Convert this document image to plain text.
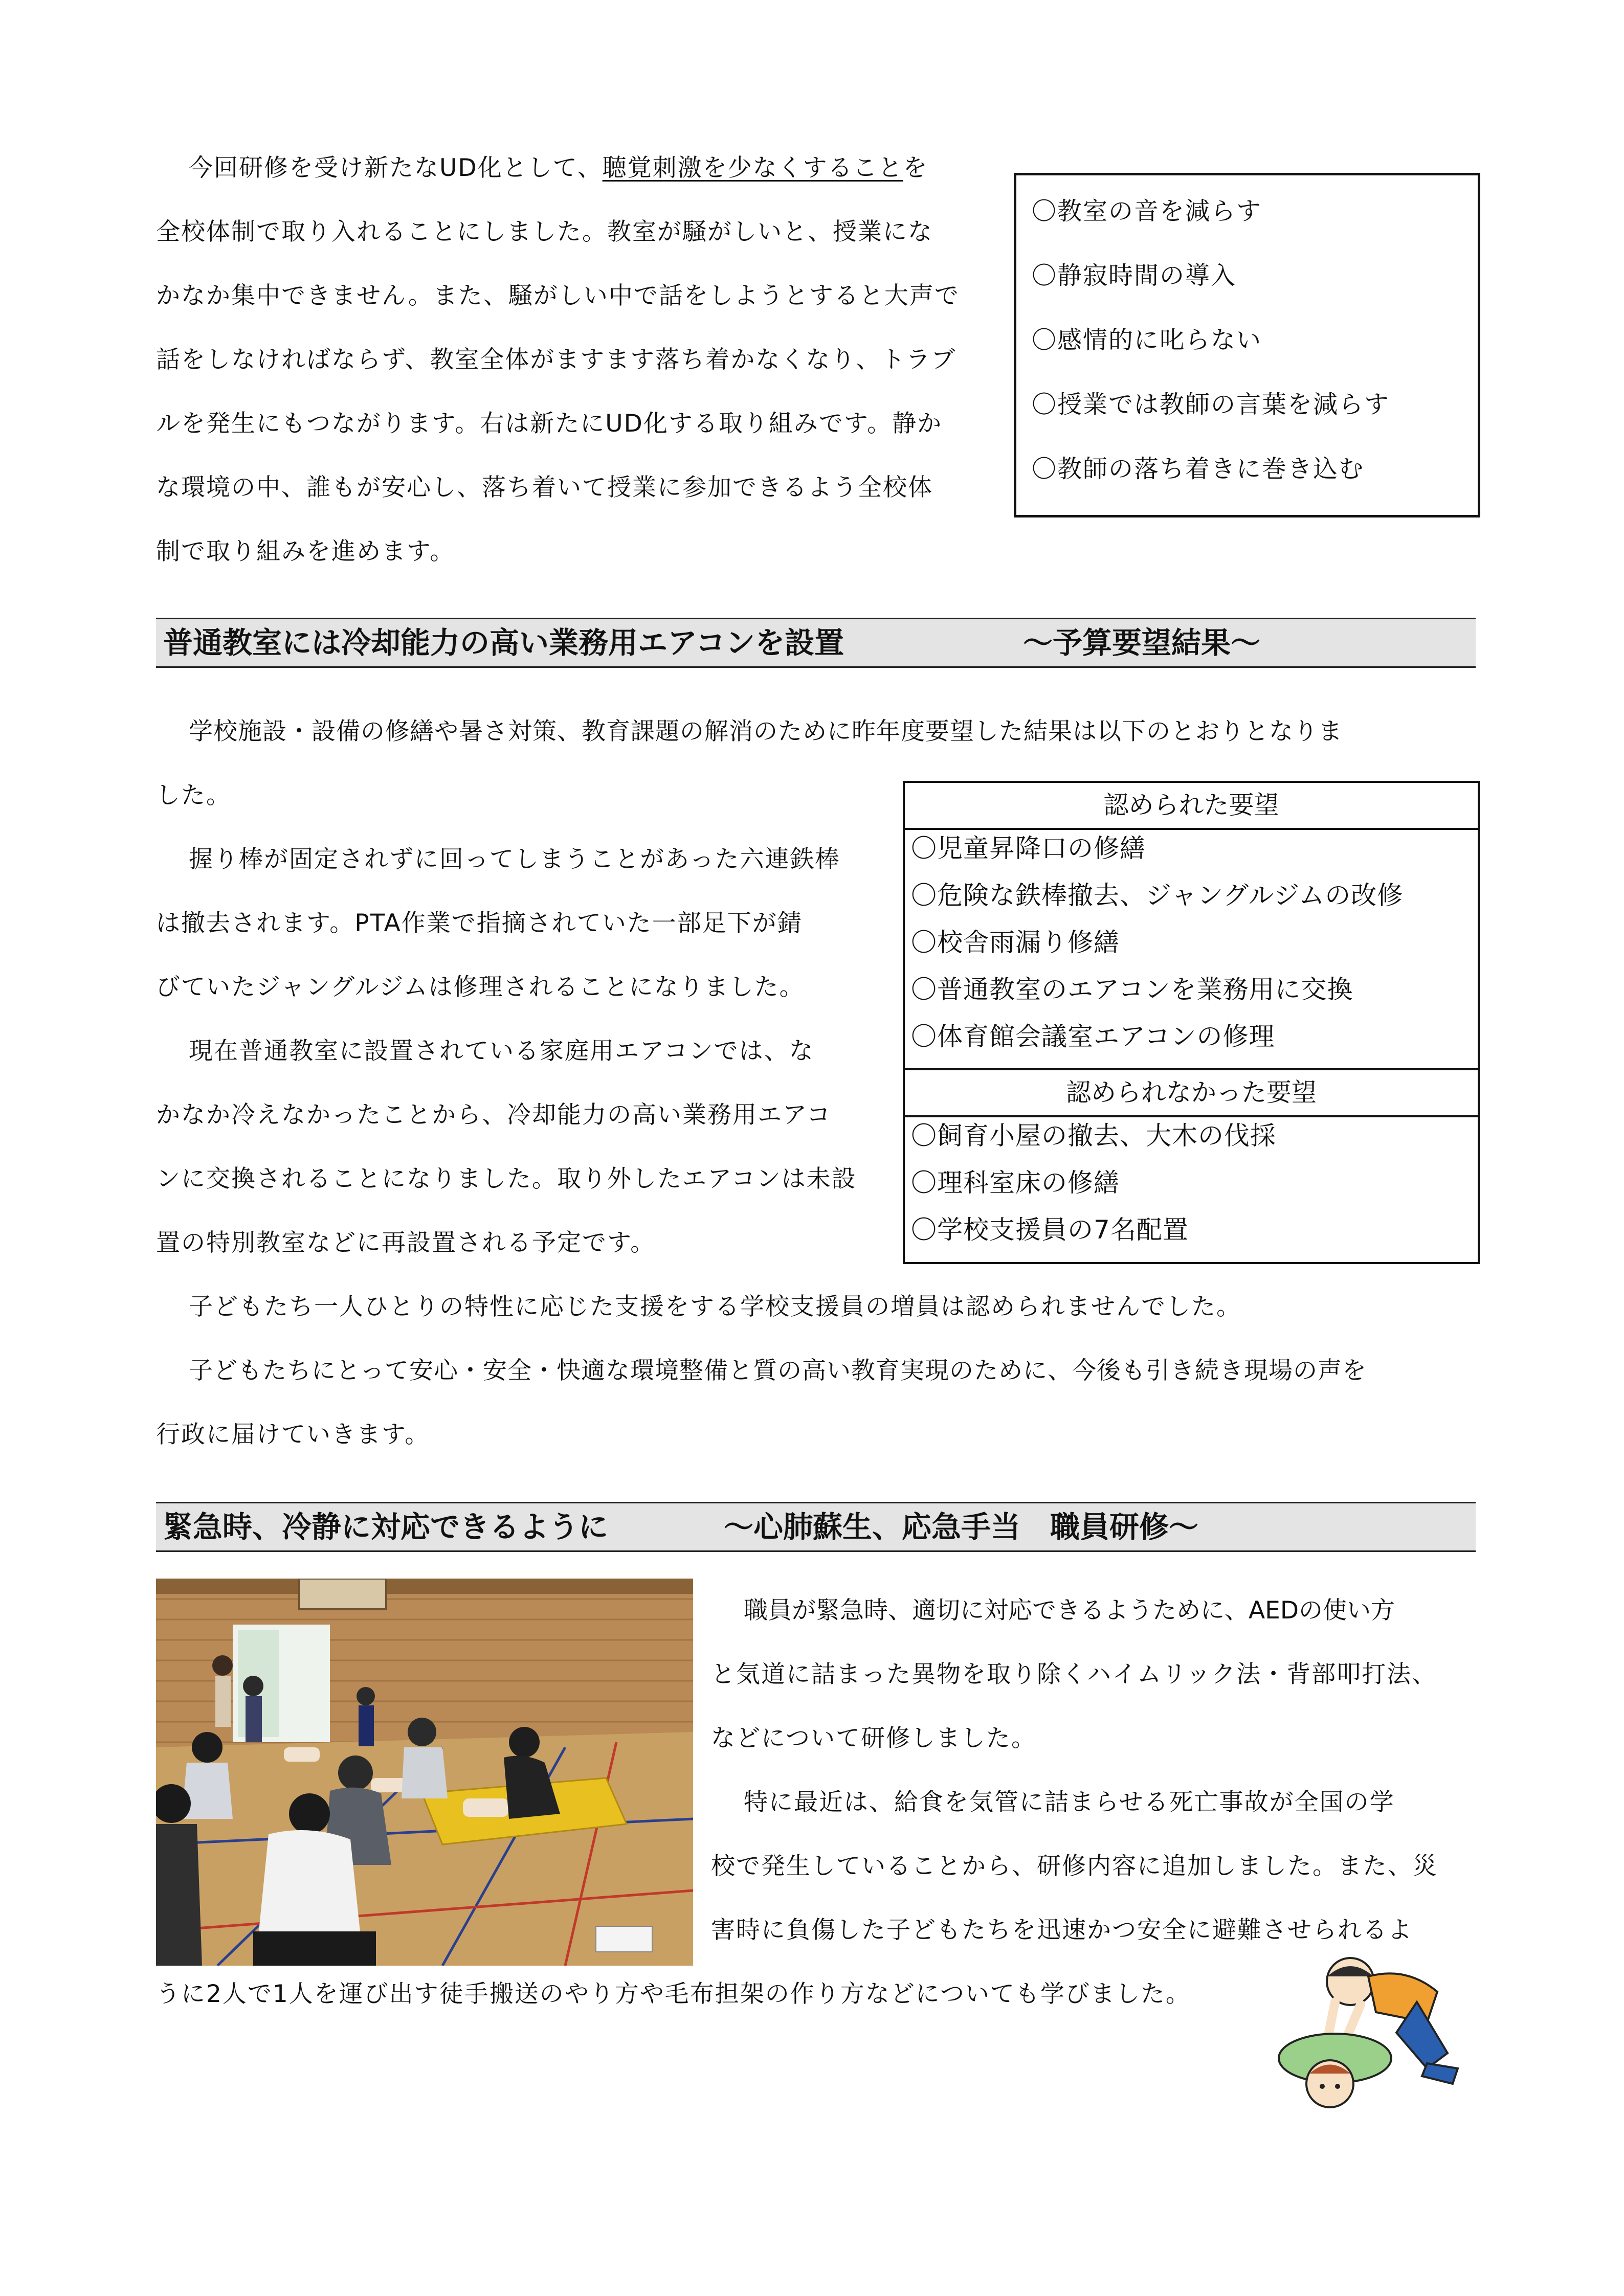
今回研修を受け新たなUD化として、聴覚刺激を少なくすることを
全校体制で取り入れることにしました。教室が騒がしいと、授業にな
かなか集中できません。また、騒がしい中で話をしようとすると大声で
話をしなければならず、教室全体がますます落ち着かなくなり、トラブ
ルを発生にもつながります。右は新たにUD化する取り組みです。静か
な環境の中、誰もが安心し、落ち着いて授業に参加できるよう全校体
制で取り組みを進めます。
〇教室の音を減らす
〇静寂時間の導入
〇感情的に叱らない
〇授業では教師の言葉を減らす
〇教師の落ち着きに巻き込む
普通教室には冷却能力の高い業務用エアコンを設置	～予算要望結果～
学校施設・設備の修繕や暑さ対策、教育課題の解消のために昨年度要望した結果は以下のとおりとなりま
した。
握り棒が固定されずに回ってしまうことがあった六連鉄棒
は撤去されます。PTA作業で指摘されていた一部足下が錆
びていたジャングルジムは修理されることになりました。
現在普通教室に設置されている家庭用エアコンでは、な
かなか冷えなかったことから、冷却能力の高い業務用エアコ
ンに交換されることになりました。取り外したエアコンは未設
置の特別教室などに再設置される予定です。
認められた要望
〇児童昇降口の修繕
〇危険な鉄棒撤去、ジャングルジムの改修
〇校舎雨漏り修繕
〇普通教室のエアコンを業務用に交換
〇体育館会議室エアコンの修理
認められなかった要望
〇飼育小屋の撤去、大木の伐採
〇理科室床の修繕
〇学校支援員の7名配置
子どもたち一人ひとりの特性に応じた支援をする学校支援員の増員は認められませんでした。
子どもたちにとって安心・安全・快適な環境整備と質の高い教育実現のために、今後も引き続き現場の声を
行政に届けていきます。
緊急時、冷静に対応できるように	～心肺蘇生、応急手当　職員研修～
職員が緊急時、適切に対応できるようために、AEDの使い方
と気道に詰まった異物を取り除くハイムリック法・背部叩打法、
などについて研修しました。
特に最近は、給食を気管に詰まらせる死亡事故が全国の学
校で発生していることから、研修内容に追加しました。また、災
害時に負傷した子どもたちを迅速かつ安全に避難させられるよ
うに2人で1人を運び出す徒手搬送のやり方や毛布担架の作り方などについても学びました。
